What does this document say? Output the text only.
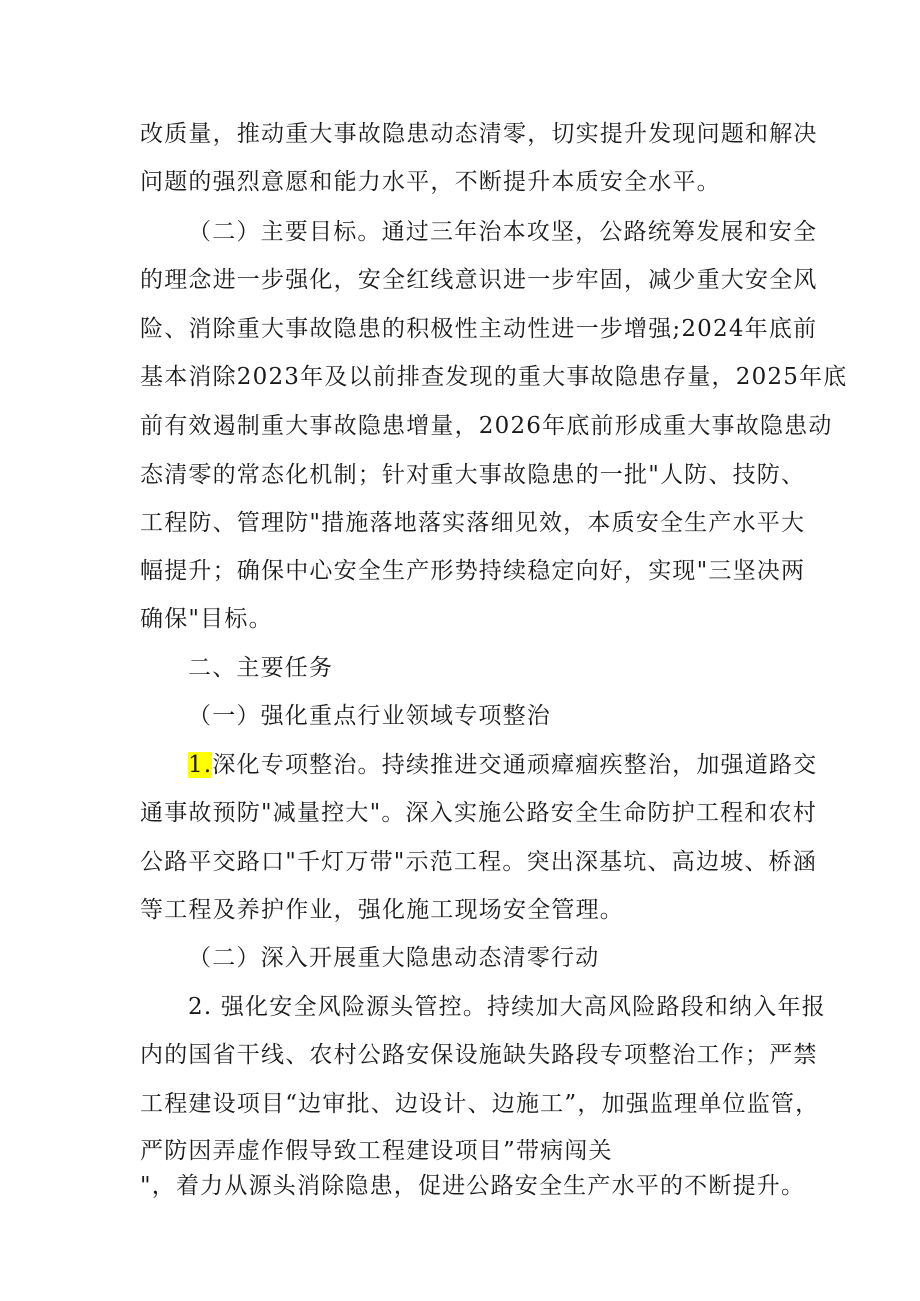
改质量，推动重大事故隐患动态清零，切实提升发现问题和解决
问题的强烈意愿和能力水平，不断提升本质安全水平。
（二）主要目标。通过三年治本攻坚，公路统筹发展和安全
的理念进一步强化，安全红线意识进一步牢固，减少重大安全风
险、消除重大事故隐患的积极性主动性进一步增强;2024年底前
基本消除2023年及以前排查发现的重大事故隐患存量，2025年底
前有效遏制重大事故隐患增量，2026年底前形成重大事故隐患动
态清零的常态化机制；针对重大事故隐患的一批"人防、技防、
工程防、管理防"措施落地落实落细见效，本质安全生产水平大
幅提升；确保中心安全生产形势持续稳定向好，实现"三坚决两
确保"目标。
二、主要任务
（一）强化重点行业领域专项整治
1.深化专项整治。持续推进交通顽瘴痼疾整治，加强道路交
通事故预防"减量控大"。深入实施公路安全生命防护工程和农村
公路平交路口"千灯万带"示范工程。突出深基坑、高边坡、桥涵
等工程及养护作业，强化施工现场安全管理。
（二）深入开展重大隐患动态清零行动
2. 强化安全风险源头管控。持续加大高风险路段和纳入年报
内的国省干线、农村公路安保设施缺失路段专项整治工作；严禁
工程建设项目“边审批、边设计、边施工”，加强监理单位监管，
严防因弄虚作假导致工程建设项目”带病闯关
"，着力从源头消除隐患，促进公路安全生产水平的不断提升。
